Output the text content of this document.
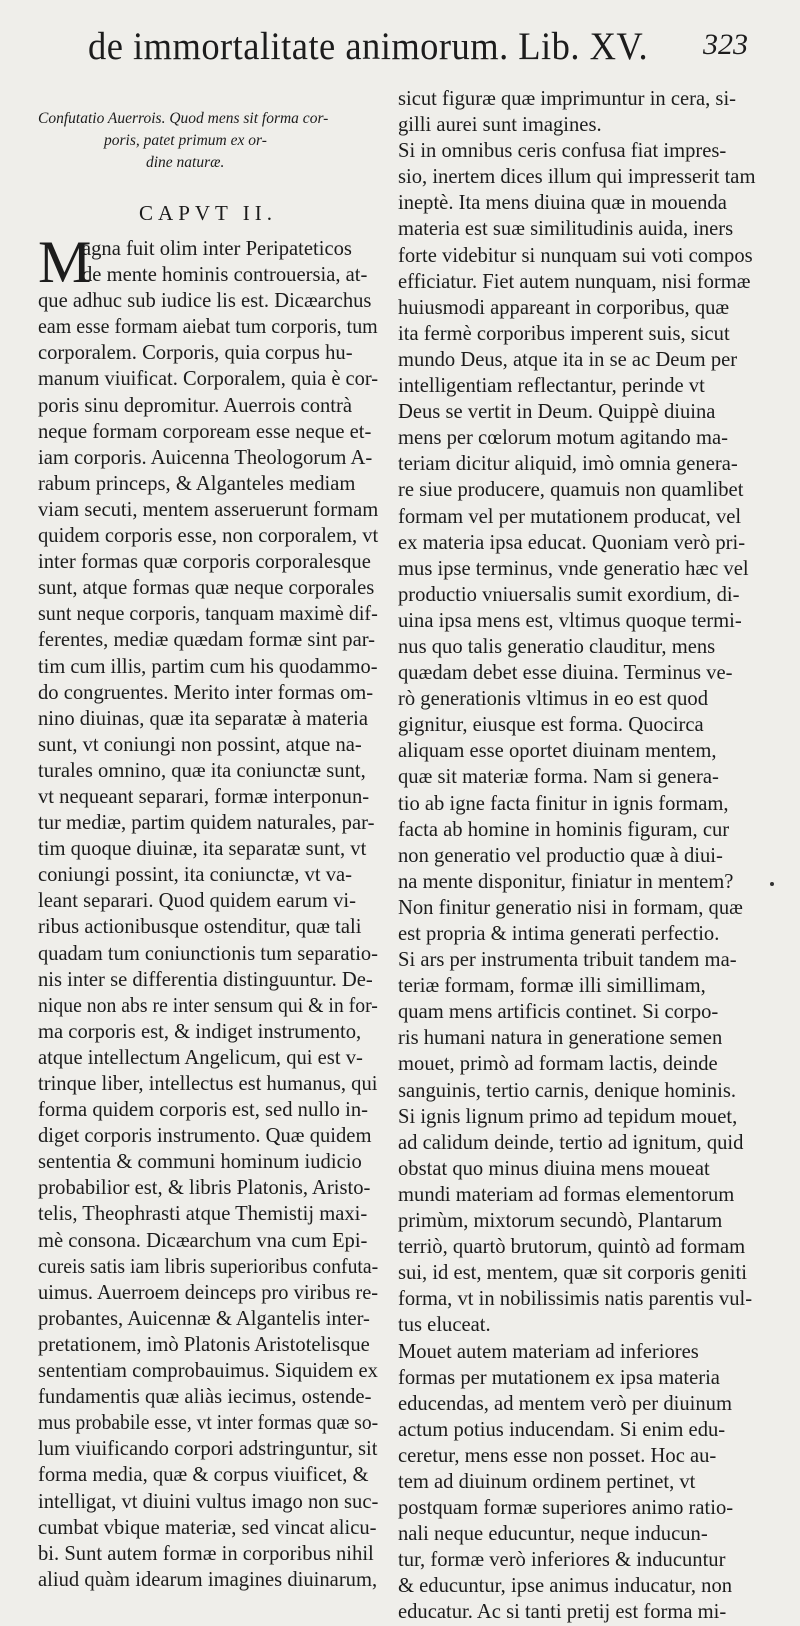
de immortalitate animorum. Lib. XV. 323
Confutatio Auerrois. Quod mens sit forma cor-
poris, patet primum ex or-
dine naturæ.
CAPVT II.
M
agna fuit olim inter Peripateticos
de mente hominis controuersia, at-
que adhuc sub iudice lis est. Dicæarchus
eam esse formam aiebat tum corporis, tum
corporalem. Corporis, quia corpus hu-
manum viuificat. Corporalem, quia è cor-
poris sinu depromitur. Auerrois contrà
neque formam corpoream esse neque et-
iam corporis. Auicenna Theologorum A-
rabum princeps, & Alganteles mediam
viam secuti, mentem asseruerunt formam
quidem corporis esse, non corporalem, vt
inter formas quæ corporis corporalesque
sunt, atque formas quæ neque corporales
sunt neque corporis, tanquam maximè dif-
ferentes, mediæ quædam formæ sint par-
tim cum illis, partim cum his quodammo-
do congruentes. Merito inter formas om-
nino diuinas, quæ ita separatæ à materia
sunt, vt coniungi non possint, atque na-
turales omnino, quæ ita coniunctæ sunt,
vt nequeant separari, formæ interponun-
tur mediæ, partim quidem naturales, par-
tim quoque diuinæ, ita separatæ sunt, vt
coniungi possint, ita coniunctæ, vt va-
leant separari. Quod quidem earum vi-
ribus actionibusque ostenditur, quæ tali
quadam tum coniunctionis tum separatio-
nis inter se differentia distinguuntur. De-
nique non abs re inter sensum qui & in for-
ma corporis est, & indiget instrumento,
atque intellectum Angelicum, qui est v-
trinque liber, intellectus est humanus, qui
forma quidem corporis est, sed nullo in-
diget corporis instrumento. Quæ quidem
sententia & communi hominum iudicio
probabilior est, & libris Platonis, Aristo-
telis, Theophrasti atque Themistij maxi-
mè consona. Dicæarchum vna cum Epi-
cureis satis iam libris superioribus confuta-
uimus. Auerroem deinceps pro viribus re-
probantes, Auicennæ & Algantelis inter-
pretationem, imò Platonis Aristotelisque
sententiam comprobauimus. Siquidem ex
fundamentis quæ aliàs iecimus, ostende-
mus probabile esse, vt inter formas quæ so-
lum viuificando corpori adstringuntur, sit
forma media, quæ & corpus viuificet, &
intelligat, vt diuini vultus imago non suc-
cumbat vbique materiæ, sed vincat alicu-
bi. Sunt autem formæ in corporibus nihil
aliud quàm idearum imagines diuinarum,
sicut figuræ quæ imprimuntur in cera, si-
gilli aurei sunt imagines.
Si in omnibus ceris confusa fiat impres-
sio, inertem dices illum qui impresserit tam
ineptè. Ita mens diuina quæ in mouenda
materia est suæ similitudinis auida, iners
forte videbitur si nunquam sui voti compos
efficiatur. Fiet autem nunquam, nisi formæ
huiusmodi appareant in corporibus, quæ
ita fermè corporibus imperent suis, sicut
mundo Deus, atque ita in se ac Deum per
intelligentiam reflectantur, perinde vt
Deus se vertit in Deum. Quippè diuina
mens per cœlorum motum agitando ma-
teriam dicitur aliquid, imò omnia genera-
re siue producere, quamuis non quamlibet
formam vel per mutationem producat, vel
ex materia ipsa educat. Quoniam verò pri-
mus ipse terminus, vnde generatio hæc vel
productio vniuersalis sumit exordium, di-
uina ipsa mens est, vltimus quoque termi-
nus quo talis generatio clauditur, mens
quædam debet esse diuina. Terminus ve-
rò generationis vltimus in eo est quod
gignitur, eiusque est forma. Quocirca
aliquam esse oportet diuinam mentem,
quæ sit materiæ forma. Nam si genera-
tio ab igne facta finitur in ignis formam,
facta ab homine in hominis figuram, cur
non generatio vel productio quæ à diui-
na mente disponitur, finiatur in mentem?
Non finitur generatio nisi in formam, quæ
est propria & intima generati perfectio.
Si ars per instrumenta tribuit tandem ma-
teriæ formam, formæ illi simillimam,
quam mens artificis continet. Si corpo-
ris humani natura in generatione semen
mouet, primò ad formam lactis, deinde
sanguinis, tertio carnis, denique hominis.
Si ignis lignum primo ad tepidum mouet,
ad calidum deinde, tertio ad ignitum, quid
obstat quo minus diuina mens moueat
mundi materiam ad formas elementorum
primùm, mixtorum secundò, Plantarum
terriò, quartò brutorum, quintò ad formam
sui, id est, mentem, quæ sit corporis geniti
forma, vt in nobilissimis natis parentis vul-
tus eluceat.
Mouet autem materiam ad inferiores
formas per mutationem ex ipsa materia
educendas, ad mentem verò per diuinum
actum potius inducendam. Si enim edu-
ceretur, mens esse non posset. Hoc au-
tem ad diuinum ordinem pertinet, vt
postquam formæ superiores animo ratio-
nali neque educuntur, neque inducun-
tur, formæ verò inferiores & inducuntur
& educuntur, ipse animus inducatur, non
educatur. Ac si tanti pretij est forma mi-
